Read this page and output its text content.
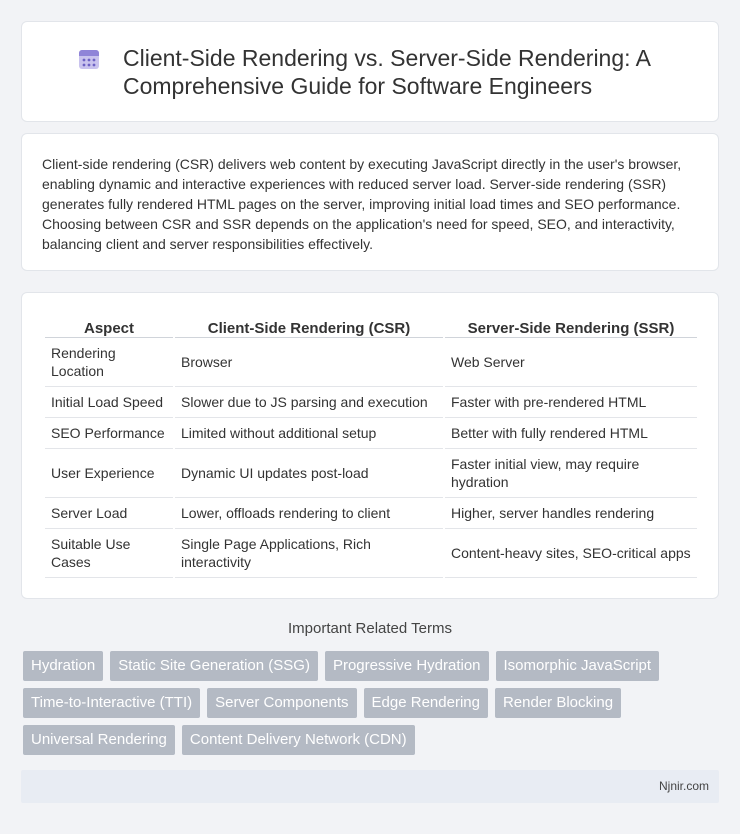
Client-Side Rendering vs. Server-Side Rendering: A Comprehensive Guide for Software Engineers

Client-side rendering (CSR) delivers web content by executing JavaScript directly in the user's browser, enabling dynamic and interactive experiences with reduced server load. Server-side rendering (SSR) generates fully rendered HTML pages on the server, improving initial load times and SEO performance. Choosing between CSR and SSR depends on the application's need for speed, SEO, and interactivity, balancing client and server responsibilities effectively.

Aspect	Client-Side Rendering (CSR)	Server-Side Rendering (SSR)
Rendering Location	Browser	Web Server
Initial Load Speed	Slower due to JS parsing and execution	Faster with pre-rendered HTML
SEO Performance	Limited without additional setup	Better with fully rendered HTML
User Experience	Dynamic UI updates post-load	Faster initial view, may require hydration
Server Load	Lower, offloads rendering to client	Higher, server handles rendering
Suitable Use Cases	Single Page Applications, Rich interactivity	Content-heavy sites, SEO-critical apps
Important Related Terms
Hydration	Static Site Generation (SSG)	Progressive Hydration	Isomorphic JavaScript
Time-to-Interactive (TTI)	Server Components	Edge Rendering	Render Blocking
Universal Rendering	Content Delivery Network (CDN)
Njnir.com
